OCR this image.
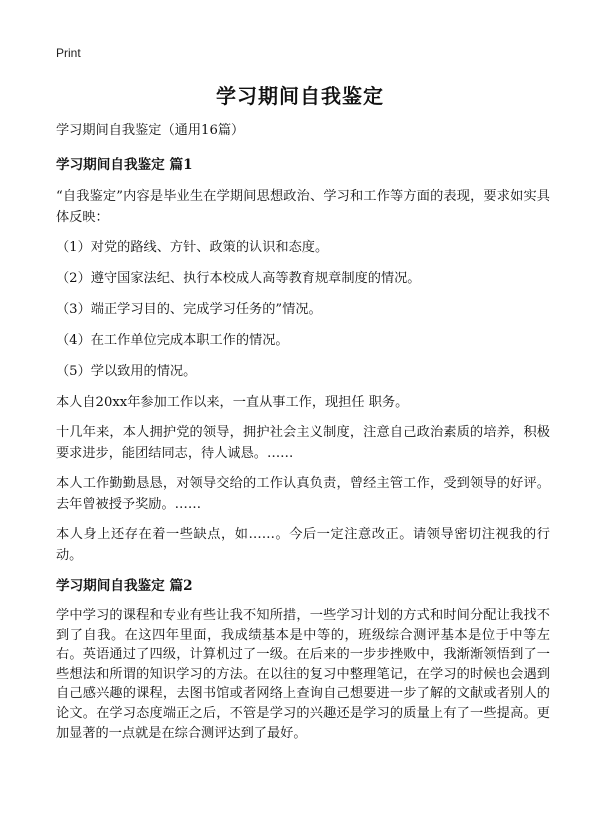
Print
学习期间自我鉴定

学习期间自我鉴定（通用16篇）

学习期间自我鉴定 篇1

“自我鉴定”内容是毕业生在学期间思想政治、学习和工作等方面的表现，要求如实具体反映：

（1）对党的路线、方针、政策的认识和态度。

（2）遵守国家法纪、执行本校成人高等教育规章制度的情况。

（3）端正学习目的、完成学习任务的”情况。

（4）在工作单位完成本职工作的情况。

（5）学以致用的情况。

本人自20xx年参加工作以来，一直从事工作，现担任 职务。

十几年来，本人拥护党的领导，拥护社会主义制度，注意自己政治素质的培养，积极要求进步，能团结同志，待人诚恳。……

本人工作勤勤恳恳，对领导交给的工作认真负责，曾经主管工作，受到领导的好评。去年曾被授予奖励。……

本人身上还存在着一些缺点，如……。今后一定注意改正。请领导密切注视我的行动。

学习期间自我鉴定 篇2

学中学习的课程和专业有些让我不知所措，一些学习计划的方式和时间分配让我找不到了自我。在这四年里面，我成绩基本是中等的，班级综合测评基本是位于中等左右。英语通过了四级，计算机过了一级。在后来的一步步挫败中，我渐渐领悟到了一些想法和所谓的知识学习的方法。在以往的复习中整理笔记，在学习的时候也会遇到自己感兴趣的课程，去图书馆或者网络上查询自己想要进一步了解的文献或者别人的论文。在学习态度端正之后，不管是学习的兴趣还是学习的质量上有了一些提高。更加显著的一点就是在综合测评达到了最好。
